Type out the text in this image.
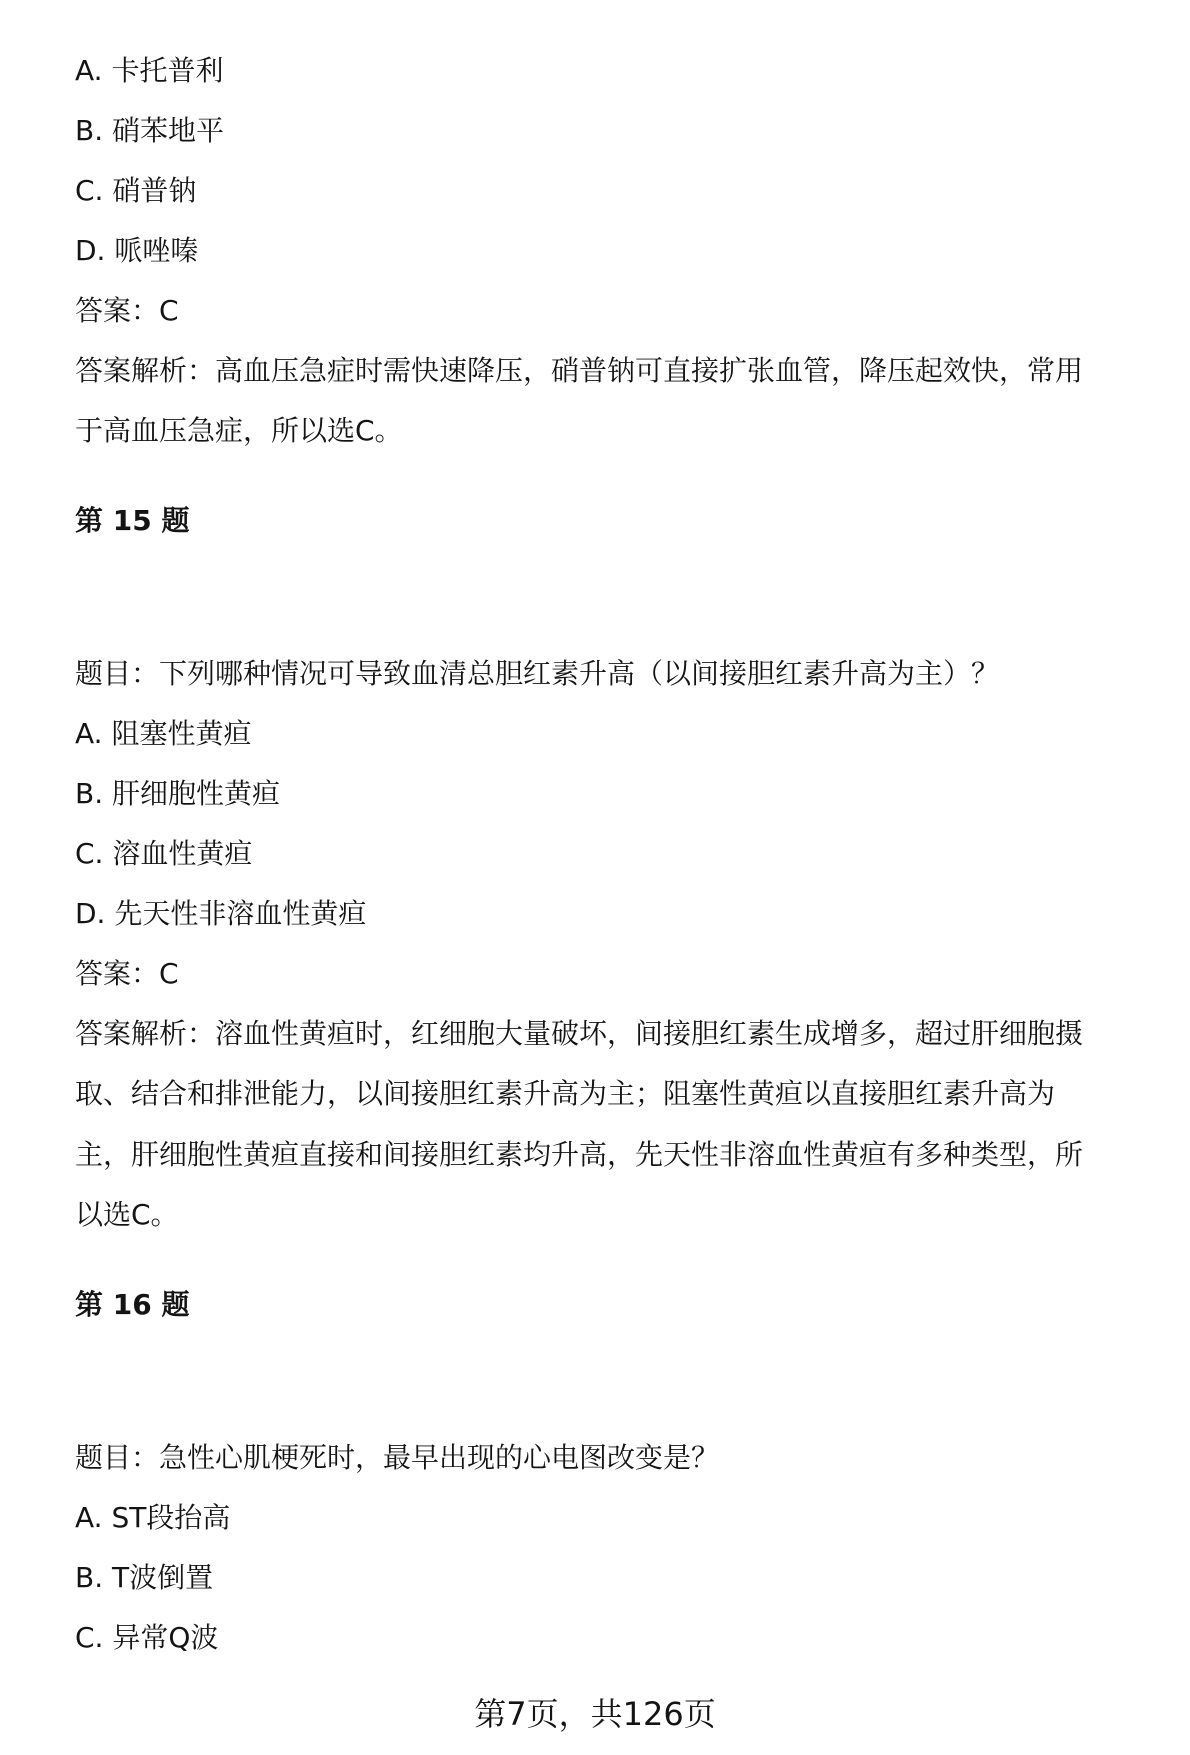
A. 卡托普利
B. 硝苯地平
C. 硝普钠
D. 哌唑嗪
答案：C
答案解析：高血压急症时需快速降压，硝普钠可直接扩张血管，降压起效快，常用
于高血压急症，所以选C。
第 15 题
题目：下列哪种情况可导致血清总胆红素升高（以间接胆红素升高为主）？
A. 阻塞性黄疸
B. 肝细胞性黄疸
C. 溶血性黄疸
D. 先天性非溶血性黄疸
答案：C
答案解析：溶血性黄疸时，红细胞大量破坏，间接胆红素生成增多，超过肝细胞摄
取、结合和排泄能力，以间接胆红素升高为主；阻塞性黄疸以直接胆红素升高为
主，肝细胞性黄疸直接和间接胆红素均升高，先天性非溶血性黄疸有多种类型，所
以选C。
第 16 题
题目：急性心肌梗死时，最早出现的心电图改变是？
A. ST段抬高
B. T波倒置
C. 异常Q波
第7页，共126页
